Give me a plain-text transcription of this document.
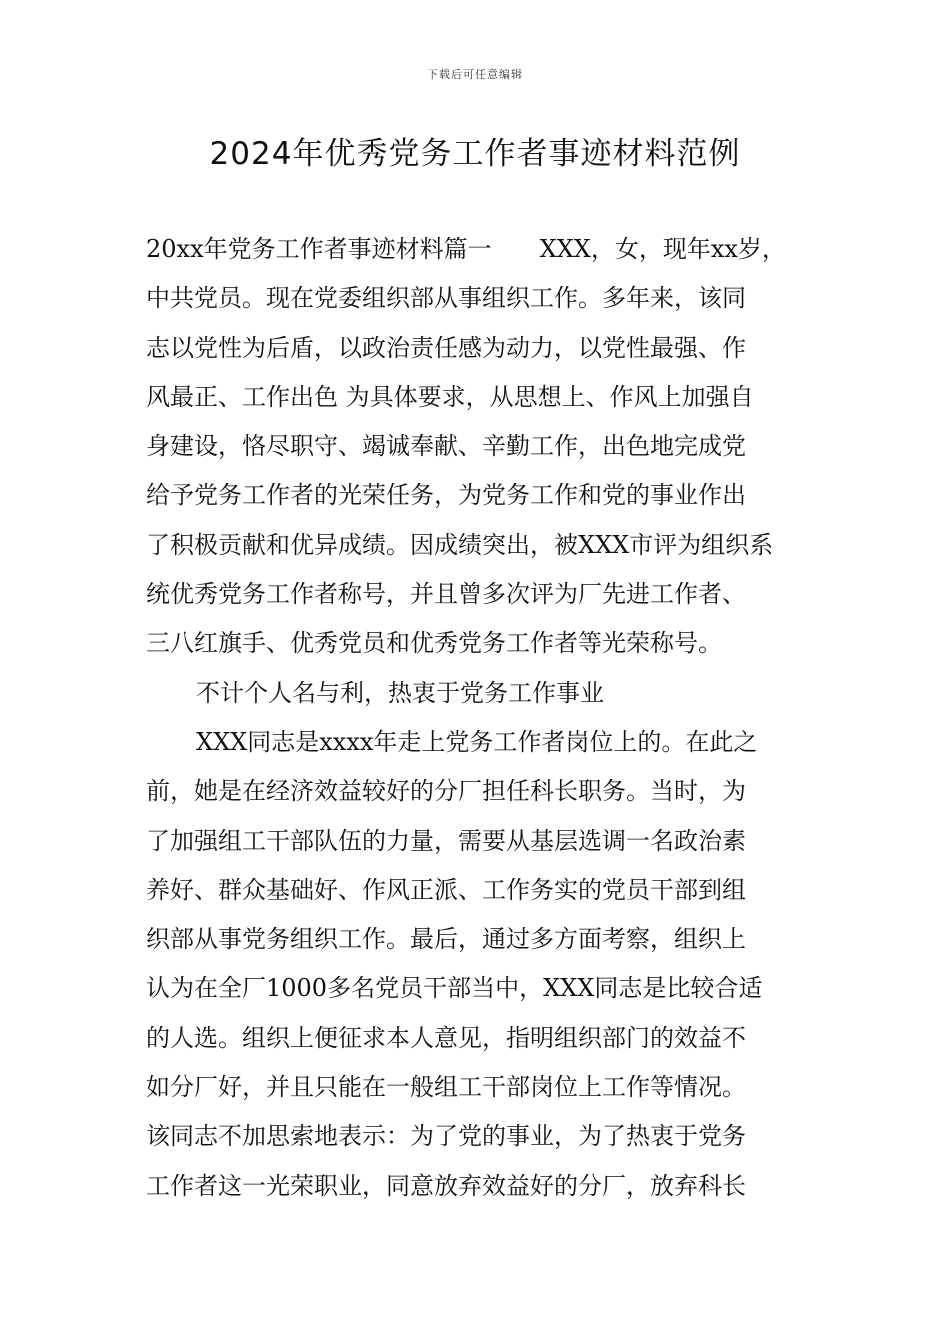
下载后可任意编辑
2024年优秀党务工作者事迹材料范例
20xx年党务工作者事迹材料篇一　　XXX，女，现年xx岁，
中共党员。现在党委组织部从事组织工作。多年来，该同
志以党性为后盾，以政治责任感为动力，以党性最强、作
风最正、工作出色 为具体要求，从思想上、作风上加强自
身建设，恪尽职守、竭诚奉献、辛勤工作，出色地完成党
给予党务工作者的光荣任务，为党务工作和党的事业作出
了积极贡献和优异成绩。因成绩突出，被XXX市评为组织系
统优秀党务工作者称号，并且曾多次评为厂先进工作者、
三八红旗手、优秀党员和优秀党务工作者等光荣称号。
不计个人名与利，热衷于党务工作事业
XXX同志是xxxx年走上党务工作者岗位上的。在此之
前，她是在经济效益较好的分厂担任科长职务。当时，为
了加强组工干部队伍的力量，需要从基层选调一名政治素
养好、群众基础好、作风正派、工作务实的党员干部到组
织部从事党务组织工作。最后，通过多方面考察，组织上
认为在全厂1000多名党员干部当中，XXX同志是比较合适
的人选。组织上便征求本人意见，指明组织部门的效益不
如分厂好，并且只能在一般组工干部岗位上工作等情况。
该同志不加思索地表示：为了党的事业，为了热衷于党务
工作者这一光荣职业，同意放弃效益好的分厂，放弃科长
